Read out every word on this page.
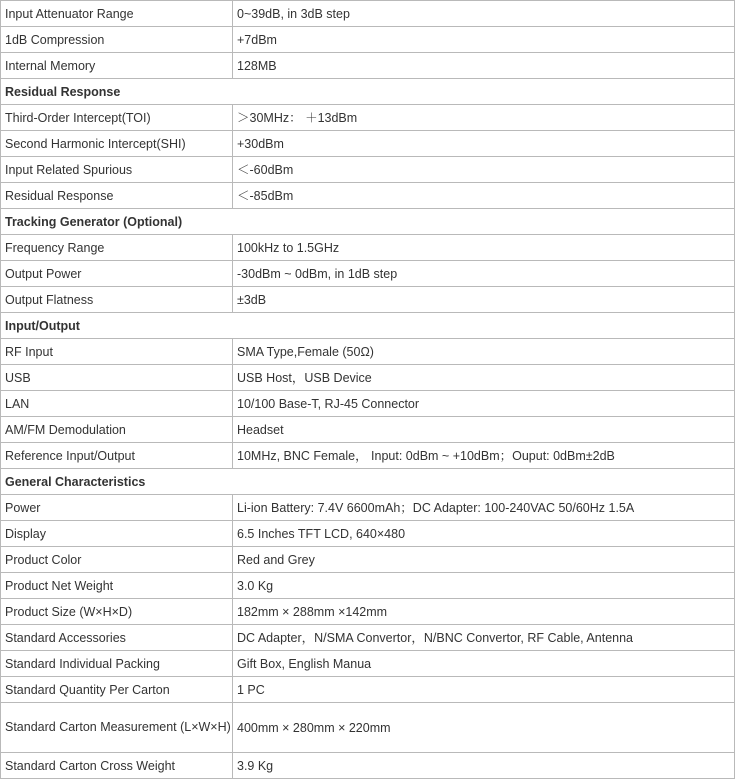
Input Attenuator Range	0~39dB, in 3dB step
1dB Compression	+7dBm
Internal Memory	128MB
Residual Response	
Third-Order Intercept(TOI)	＞30MHz： ＋13dBm
Second Harmonic Intercept(SHI)	+30dBm
Input Related Spurious	＜-60dBm
Residual Response	＜-85dBm
Tracking Generator (Optional)	
Frequency Range	100kHz to 1.5GHz
Output Power	-30dBm ~ 0dBm, in 1dB step
Output Flatness	±3dB
Input/Output	
RF Input	SMA Type,Female (50Ω)
USB	USB Host，USB Device
LAN	10/100 Base-T, RJ-45 Connector
AM/FM Demodulation	Headset
Reference Input/Output	10MHz, BNC Female， Input: 0dBm ~ +10dBm；Ouput: 0dBm±2dB
General Characteristics	
Power	Li-ion Battery: 7.4V 6600mAh；DC Adapter: 100-240VAC 50/60Hz 1.5A
Display	6.5 Inches TFT LCD, 640×480
Product Color	Red and Grey
Product Net Weight	3.0 Kg
Product Size (W×H×D)	182mm × 288mm ×142mm
Standard Accessories	DC Adapter，N/SMA Convertor，N/BNC Convertor, RF Cable, Antenna
Standard Individual Packing	Gift Box, English Manua
Standard Quantity Per Carton	1 PC
Standard Carton Measurement (L×W×H)	400mm × 280mm × 220mm
Standard Carton Cross Weight	3.9 Kg
